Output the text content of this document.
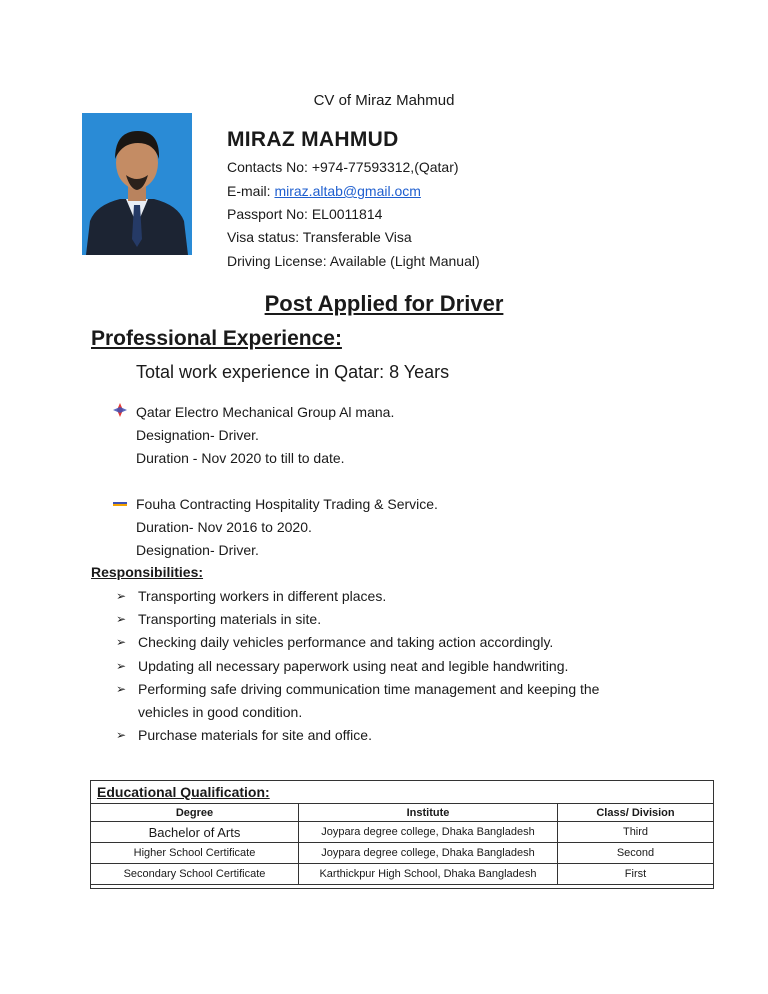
CV of Miraz Mahmud
MIRAZ MAHMUD
Contacts No: +974-77593312,(Qatar)
E-mail: miraz.altab@gmail.ocm
Passport No: EL0011814
Visa status: Transferable Visa
Driving License: Available (Light Manual)
Post Applied for Driver
Professional Experience:
Total work experience in Qatar: 8 Years
Qatar Electro Mechanical Group Al mana.
Designation- Driver.
Duration - Nov 2020 to till to date.
Fouha Contracting Hospitality Trading & Service.
Duration- Nov 2016 to 2020.
Designation- Driver.
Responsibilities:
➢ Transporting workers in different places.
➢ Transporting materials in site.
➢ Checking daily vehicles performance and taking action accordingly.
➢ Updating all necessary paperwork using neat and legible handwriting.
➢ Performing safe driving communication time management and keeping the
vehicles in good condition.
➢ Purchase materials for site and office.
Educational Qualification:
Degree	Institute	Class/ Division
Bachelor of Arts	Joypara degree college, Dhaka Bangladesh	Third
Higher School Certificate	Joypara degree college, Dhaka Bangladesh	Second
Secondary School Certificate	Karthickpur High School, Dhaka Bangladesh	First
